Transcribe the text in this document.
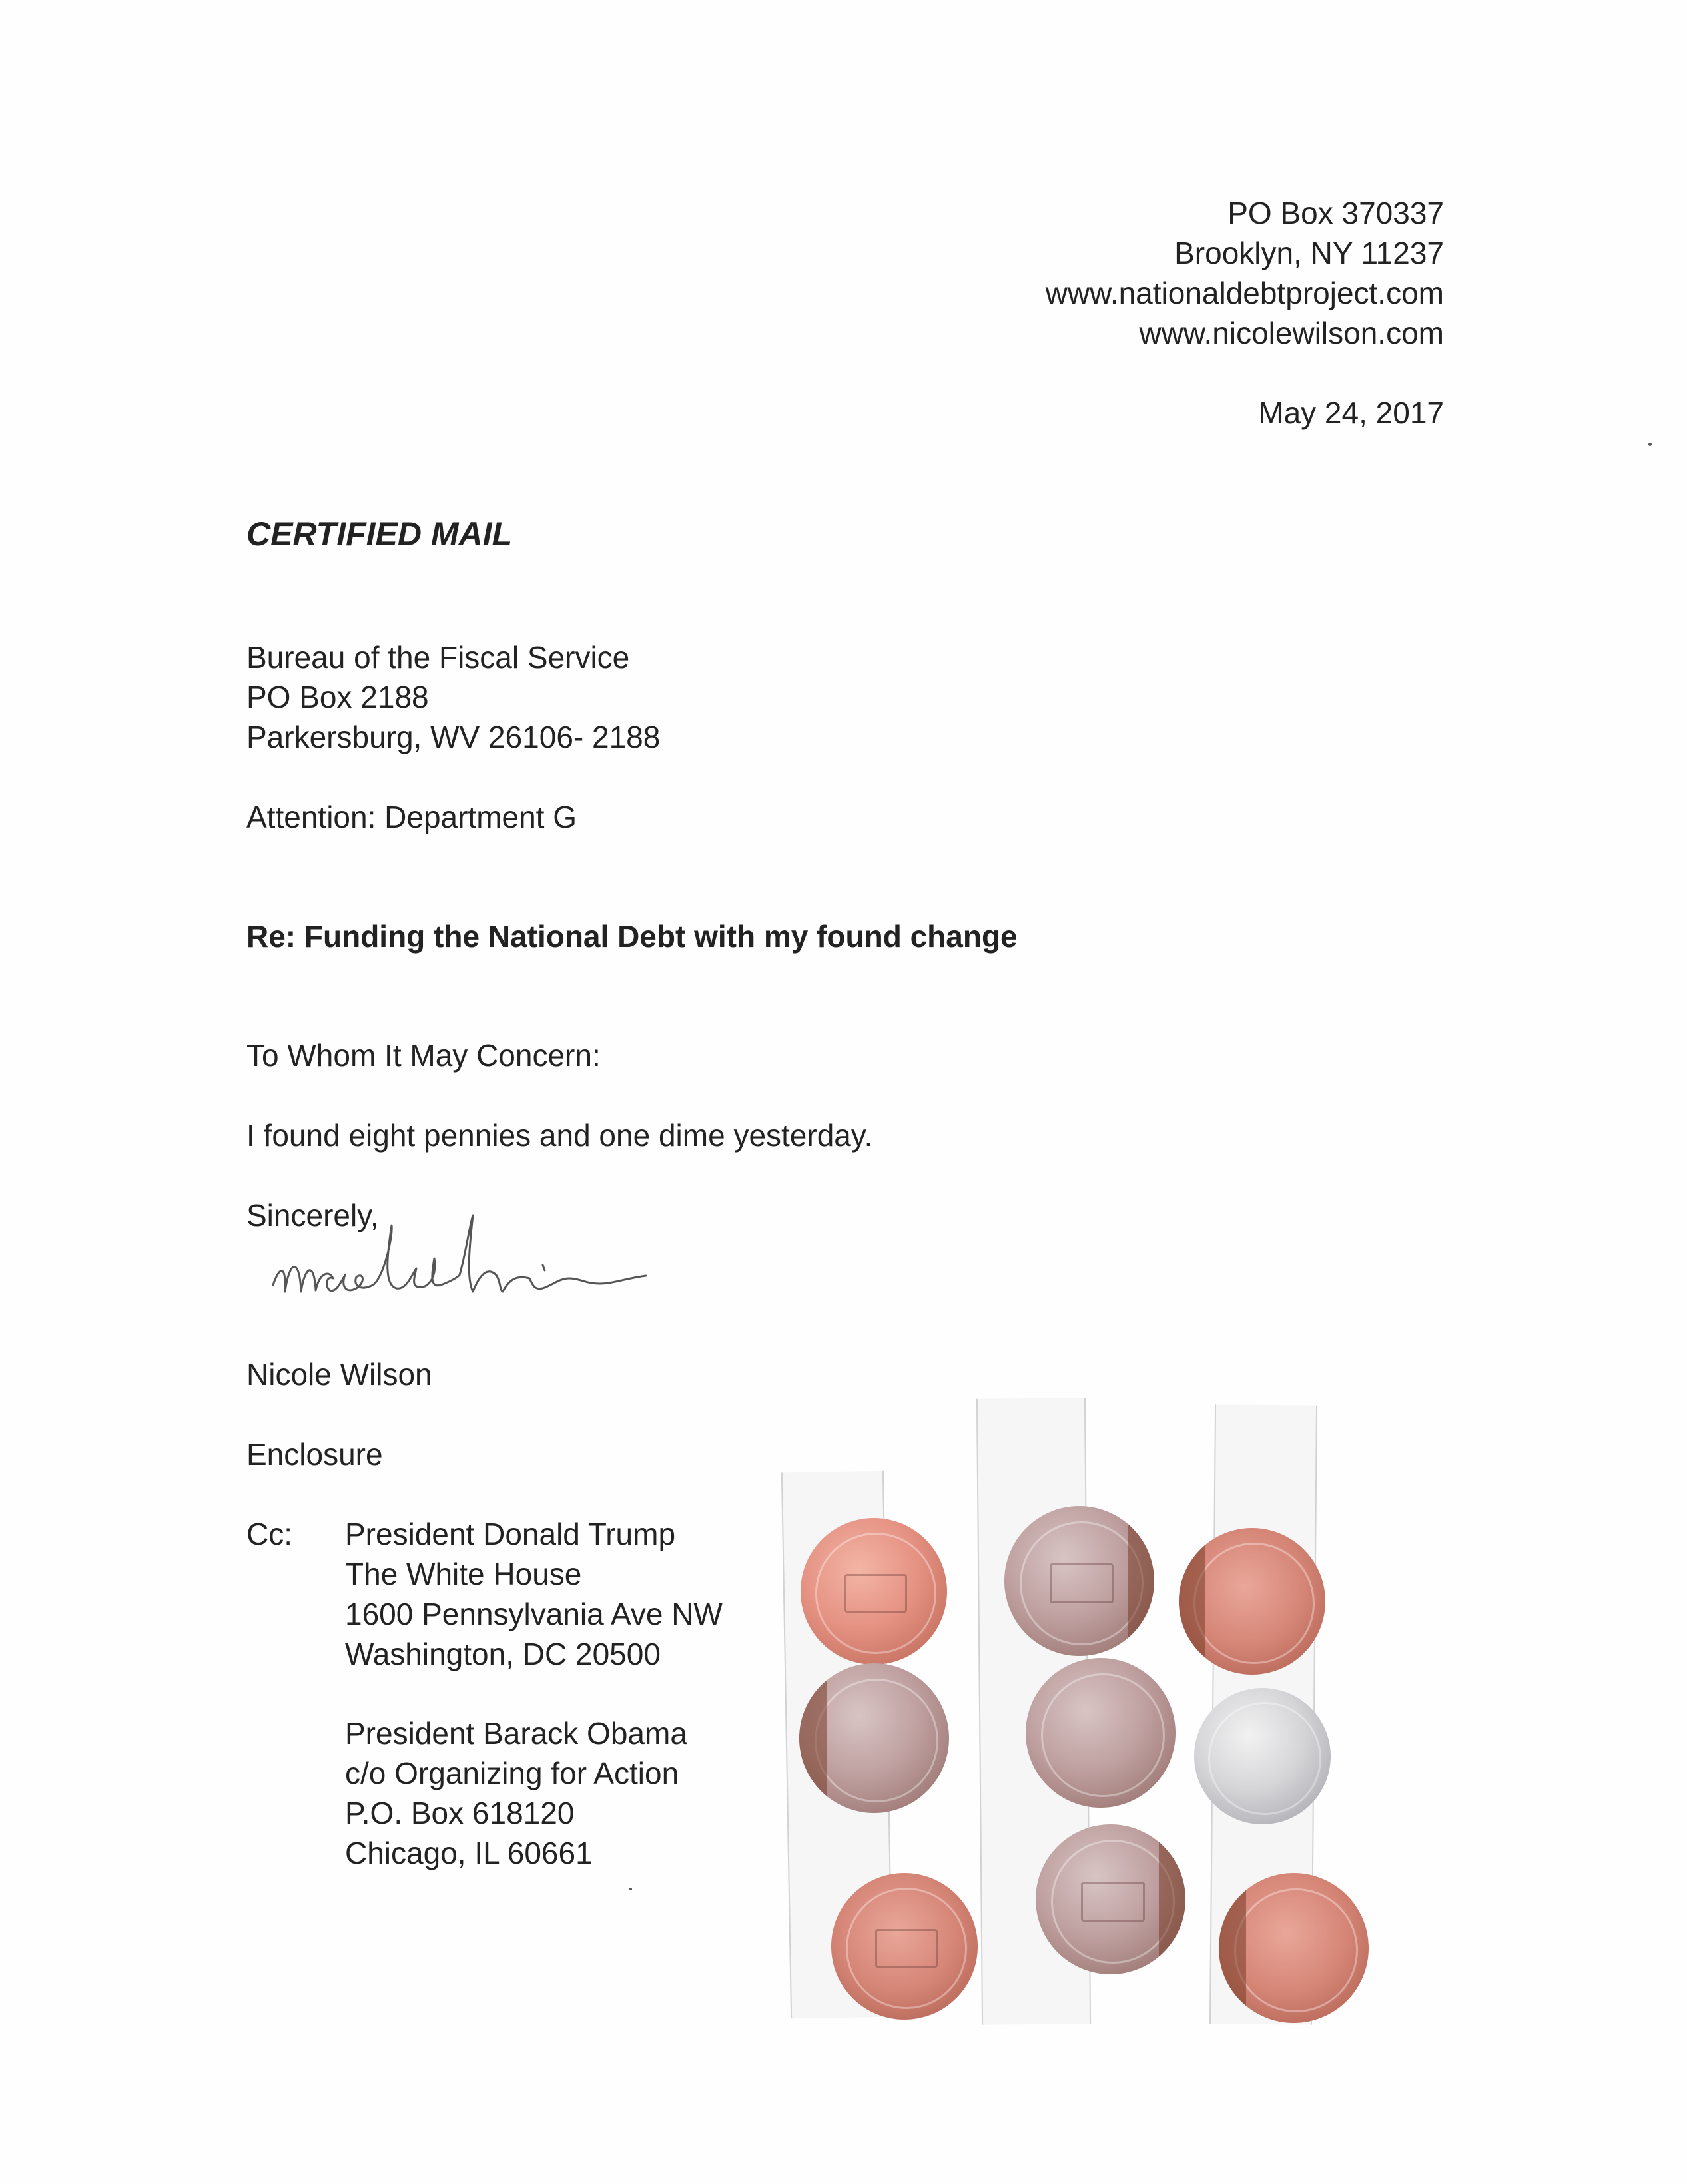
PO Box 370337
Brooklyn, NY 11237
www.nationaldebtproject.com
www.nicolewilson.com
May 24, 2017
CERTIFIED MAIL
Bureau of the Fiscal Service
PO Box 2188
Parkersburg, WV 26106- 2188
Attention: Department G
Re: Funding the National Debt with my found change
To Whom It May Concern:
I found eight pennies and one dime yesterday.
Sincerely,
Nicole Wilson
Enclosure
Cc: President Donald Trump
The White House
1600 Pennsylvania Ave NW
Washington, DC 20500
President Barack Obama
c/o Organizing for Action
P.O. Box 618120
Chicago, IL 60661
